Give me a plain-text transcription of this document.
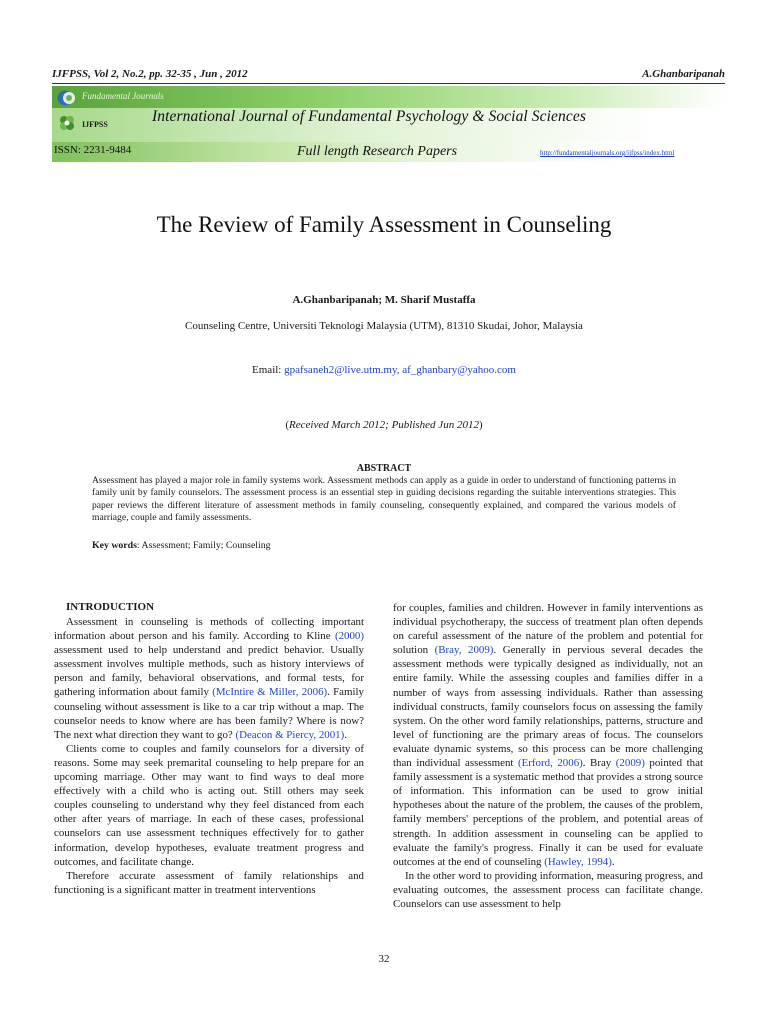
IJFPSS, Vol 2, No.2, pp. 32-35 , Jun , 2012	A.Ghanbaripanah
Fundamental Journals
IJFPSS	International Journal of Fundamental Psychology & Social Sciences
ISSN: 2231-9484	Full length Research Papers	http://fundamentaljournals.org/ijfpss/index.html
The Review of Family Assessment in Counseling
A.Ghanbaripanah; M. Sharif Mustaffa
Counseling Centre, Universiti Teknologi Malaysia (UTM), 81310 Skudai, Johor, Malaysia
Email: gpafsaneh2@live.utm.my, af_ghanbary@yahoo.com
(Received March 2012; Published Jun 2012)
ABSTRACT
Assessment has played a major role in family systems work. Assessment methods can apply as a guide in order to understand of functioning patterns in family unit by family counselors. The assessment process is an essential step in guiding decisions regarding the suitable interventions strategies. This paper reviews the different literature of assessment methods in family counseling, consequently explained, and compared the various models of marriage, couple and family assessments.
Key words: Assessment; Family; Counseling
INTRODUCTION

Assessment in counseling is methods of collecting important information about person and his family. According to Kline (2000) assessment used to help understand and predict behavior. Usually assessment involves multiple methods, such as history interviews of person and family, behavioral observations, and formal tests, for gathering information about family (McIntire & Miller, 2006). Family counseling without assessment is like to a car trip without a map. The counselor needs to know where are has been family? Where is now? The next what direction they want to go? (Deacon & Piercy, 2001).

Clients come to couples and family counselors for a diversity of reasons. Some may seek premarital counseling to help prepare for an upcoming marriage. Other may want to find ways to deal more effectively with a child who is acting out. Still others may seek couples counseling to understand why they feel distanced from each other after years of marriage. In each of these cases, professional counselors can use assessment techniques effectively for to gather information, develop hypotheses, evaluate treatment progress and outcomes, and facilitate change.

Therefore accurate assessment of family relationships and functioning is a significant matter in treatment interventions

for couples, families and children. However in family interventions as individual psychotherapy, the success of treatment plan often depends on careful assessment of the nature of the problem and potential for solution (Bray, 2009). Generally in pervious several decades the assessment methods were typically designed as individually, not an entire family. While the assessing couples and families differ in a number of ways from assessing individuals. Rather than assessing individual constructs, family counselors focus on assessing the family system. On the other word family relationships, patterns, structure and level of functioning are the primary areas of focus. The counselors evaluate dynamic systems, so this process can be more challenging than individual assessment (Erford, 2006). Bray (2009) pointed that family assessment is a systematic method that provides a strong source of information. This information can be used to grow initial hypotheses about the nature of the problem, the causes of the problem, family members' perceptions of the problem, and potential areas of strength. In addition assessment in counseling can be applied to evaluate the family's progress. Finally it can be used for evaluate outcomes at the end of counseling (Hawley, 1994).

In the other word to providing information, measuring progress, and evaluating outcomes, the assessment process can facilitate change. Counselors can use assessment to help

32
